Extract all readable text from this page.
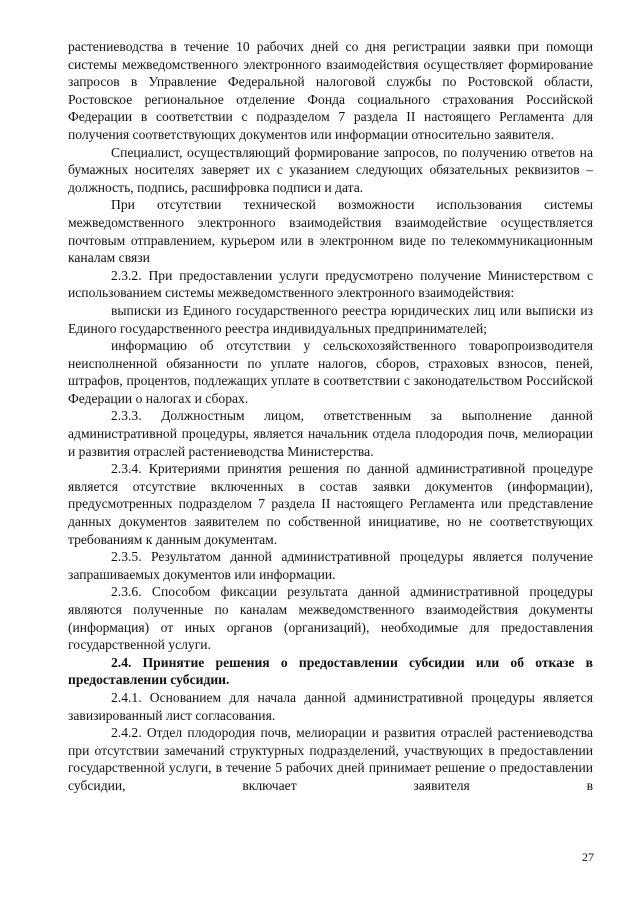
растениеводства в течение 10 рабочих дней со дня регистрации заявки при помощи системы межведомственного электронного взаимодействия осуществляет формирование запросов в Управление Федеральной налоговой службы по Ростовской области, Ростовское региональное отделение Фонда социального страхования Российской Федерации в соответствии с подразделом 7 раздела II настоящего Регламента для получения соответствующих документов или информации относительно заявителя.

Специалист, осуществляющий формирование запросов, по получению ответов на бумажных носителях заверяет их с указанием следующих обязательных реквизитов – должность, подпись, расшифровка подписи и дата.

При отсутствии технической возможности использования системы межведомственного электронного взаимодействия взаимодействие осуществляется почтовым отправлением, курьером или в электронном виде по телекоммуникационным каналам связи

2.3.2. При предоставлении услуги предусмотрено получение Министерством с использованием системы межведомственного электронного взаимодействия:

выписки из Единого государственного реестра юридических лиц или выписки из Единого государственного реестра индивидуальных предпринимателей;

информацию об отсутствии у сельскохозяйственного товаропроизводителя неисполненной обязанности по уплате налогов, сборов, страховых взносов, пеней, штрафов, процентов, подлежащих уплате в соответствии с законодательством Российской Федерации о налогах и сборах.

2.3.3. Должностным лицом, ответственным за выполнение данной административной процедуры, является начальник отдела плодородия почв, мелиорации и развития отраслей растениеводства Министерства.

2.3.4. Критериями принятия решения по данной административной процедуре является отсутствие включенных в состав заявки документов (информации), предусмотренных подразделом 7 раздела II настоящего Регламента или представление данных документов заявителем по собственной инициативе, но не соответствующих требованиям к данным документам.

2.3.5. Результатом данной административной процедуры является получение запрашиваемых документов или информации.

2.3.6. Способом фиксации результата данной административной процедуры являются полученные по каналам межведомственного взаимодействия документы (информация) от иных органов (организаций), необходимые для предоставления государственной услуги.

2.4. Принятие решения о предоставлении субсидии или об отказе в предоставлении субсидии.

2.4.1. Основанием для начала данной административной процедуры является завизированный лист согласования.

2.4.2. Отдел плодородия почв, мелиорации и развития отраслей растениеводства при отсутствии замечаний структурных подразделений, участвующих в предоставлении государственной услуги, в течение 5 рабочих дней принимает решение о предоставлении субсидии, включает заявителя в

27
